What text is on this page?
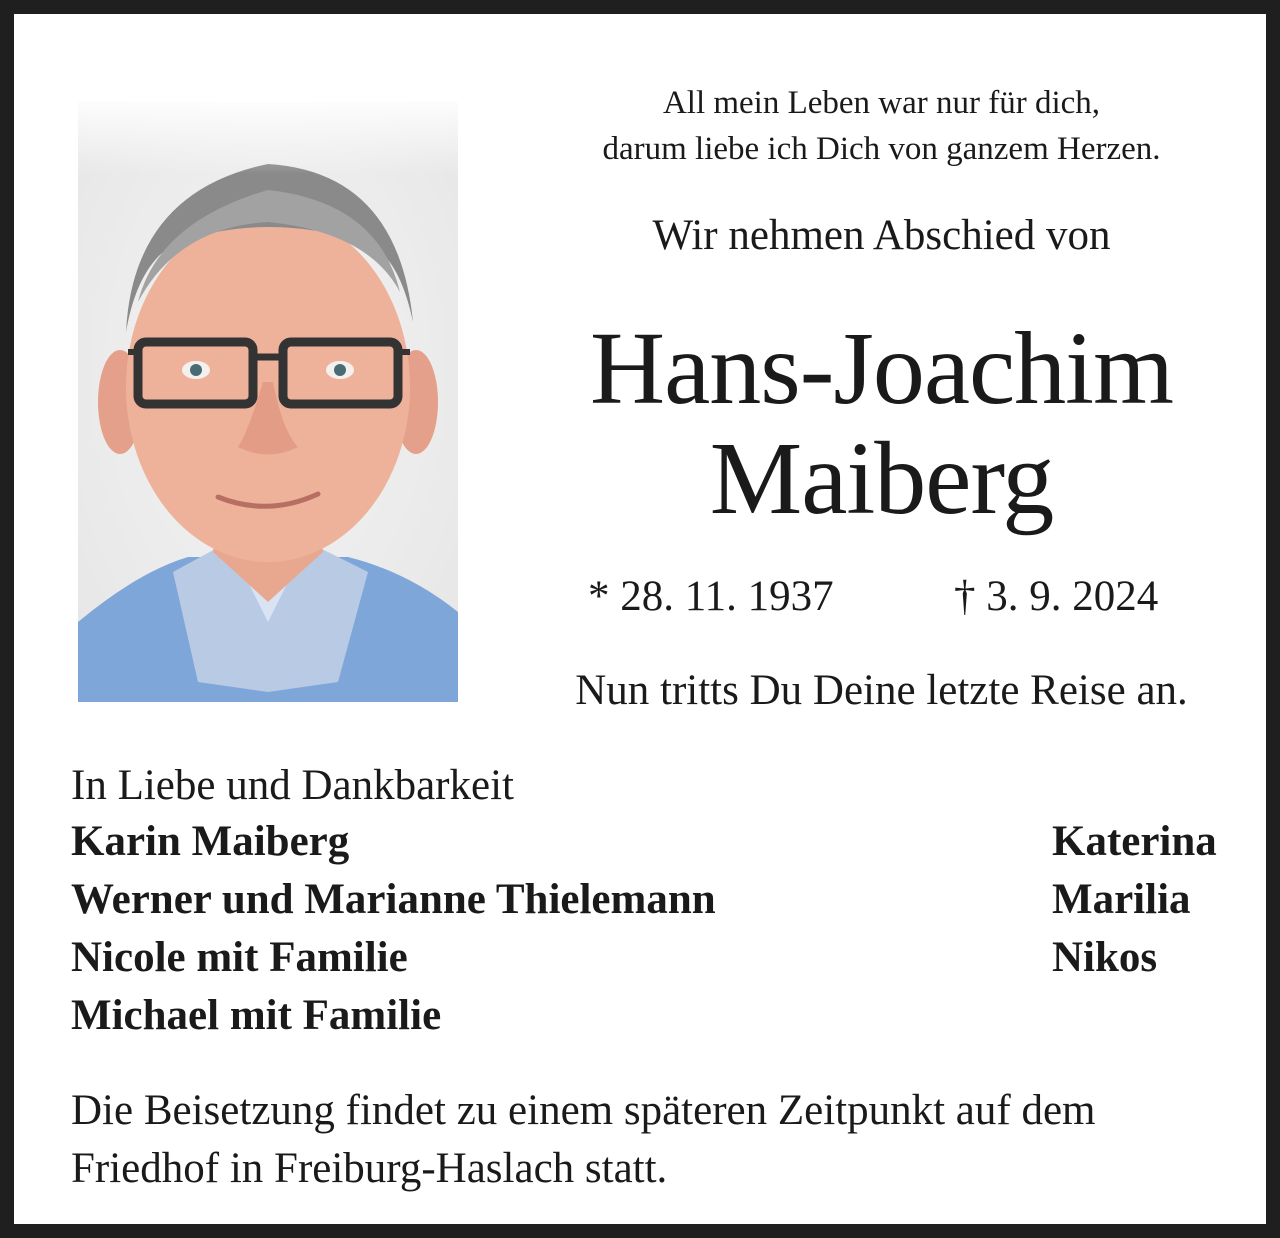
All mein Leben war nur für dich,
darum liebe ich Dich von ganzem Herzen.
Wir nehmen Abschied von
Hans-Joachim
Maiberg
* 28. 11. 1937	† 3. 9. 2024
Nun tritts Du Deine letzte Reise an.
In Liebe und Dankbarkeit
Karin Maiberg
Werner und Marianne Thielemann
Nicole mit Familie
Michael mit Familie
Katerina
Marilia
Nikos
Die Beisetzung findet zu einem späteren Zeitpunkt auf dem
Friedhof in Freiburg-Haslach statt.
